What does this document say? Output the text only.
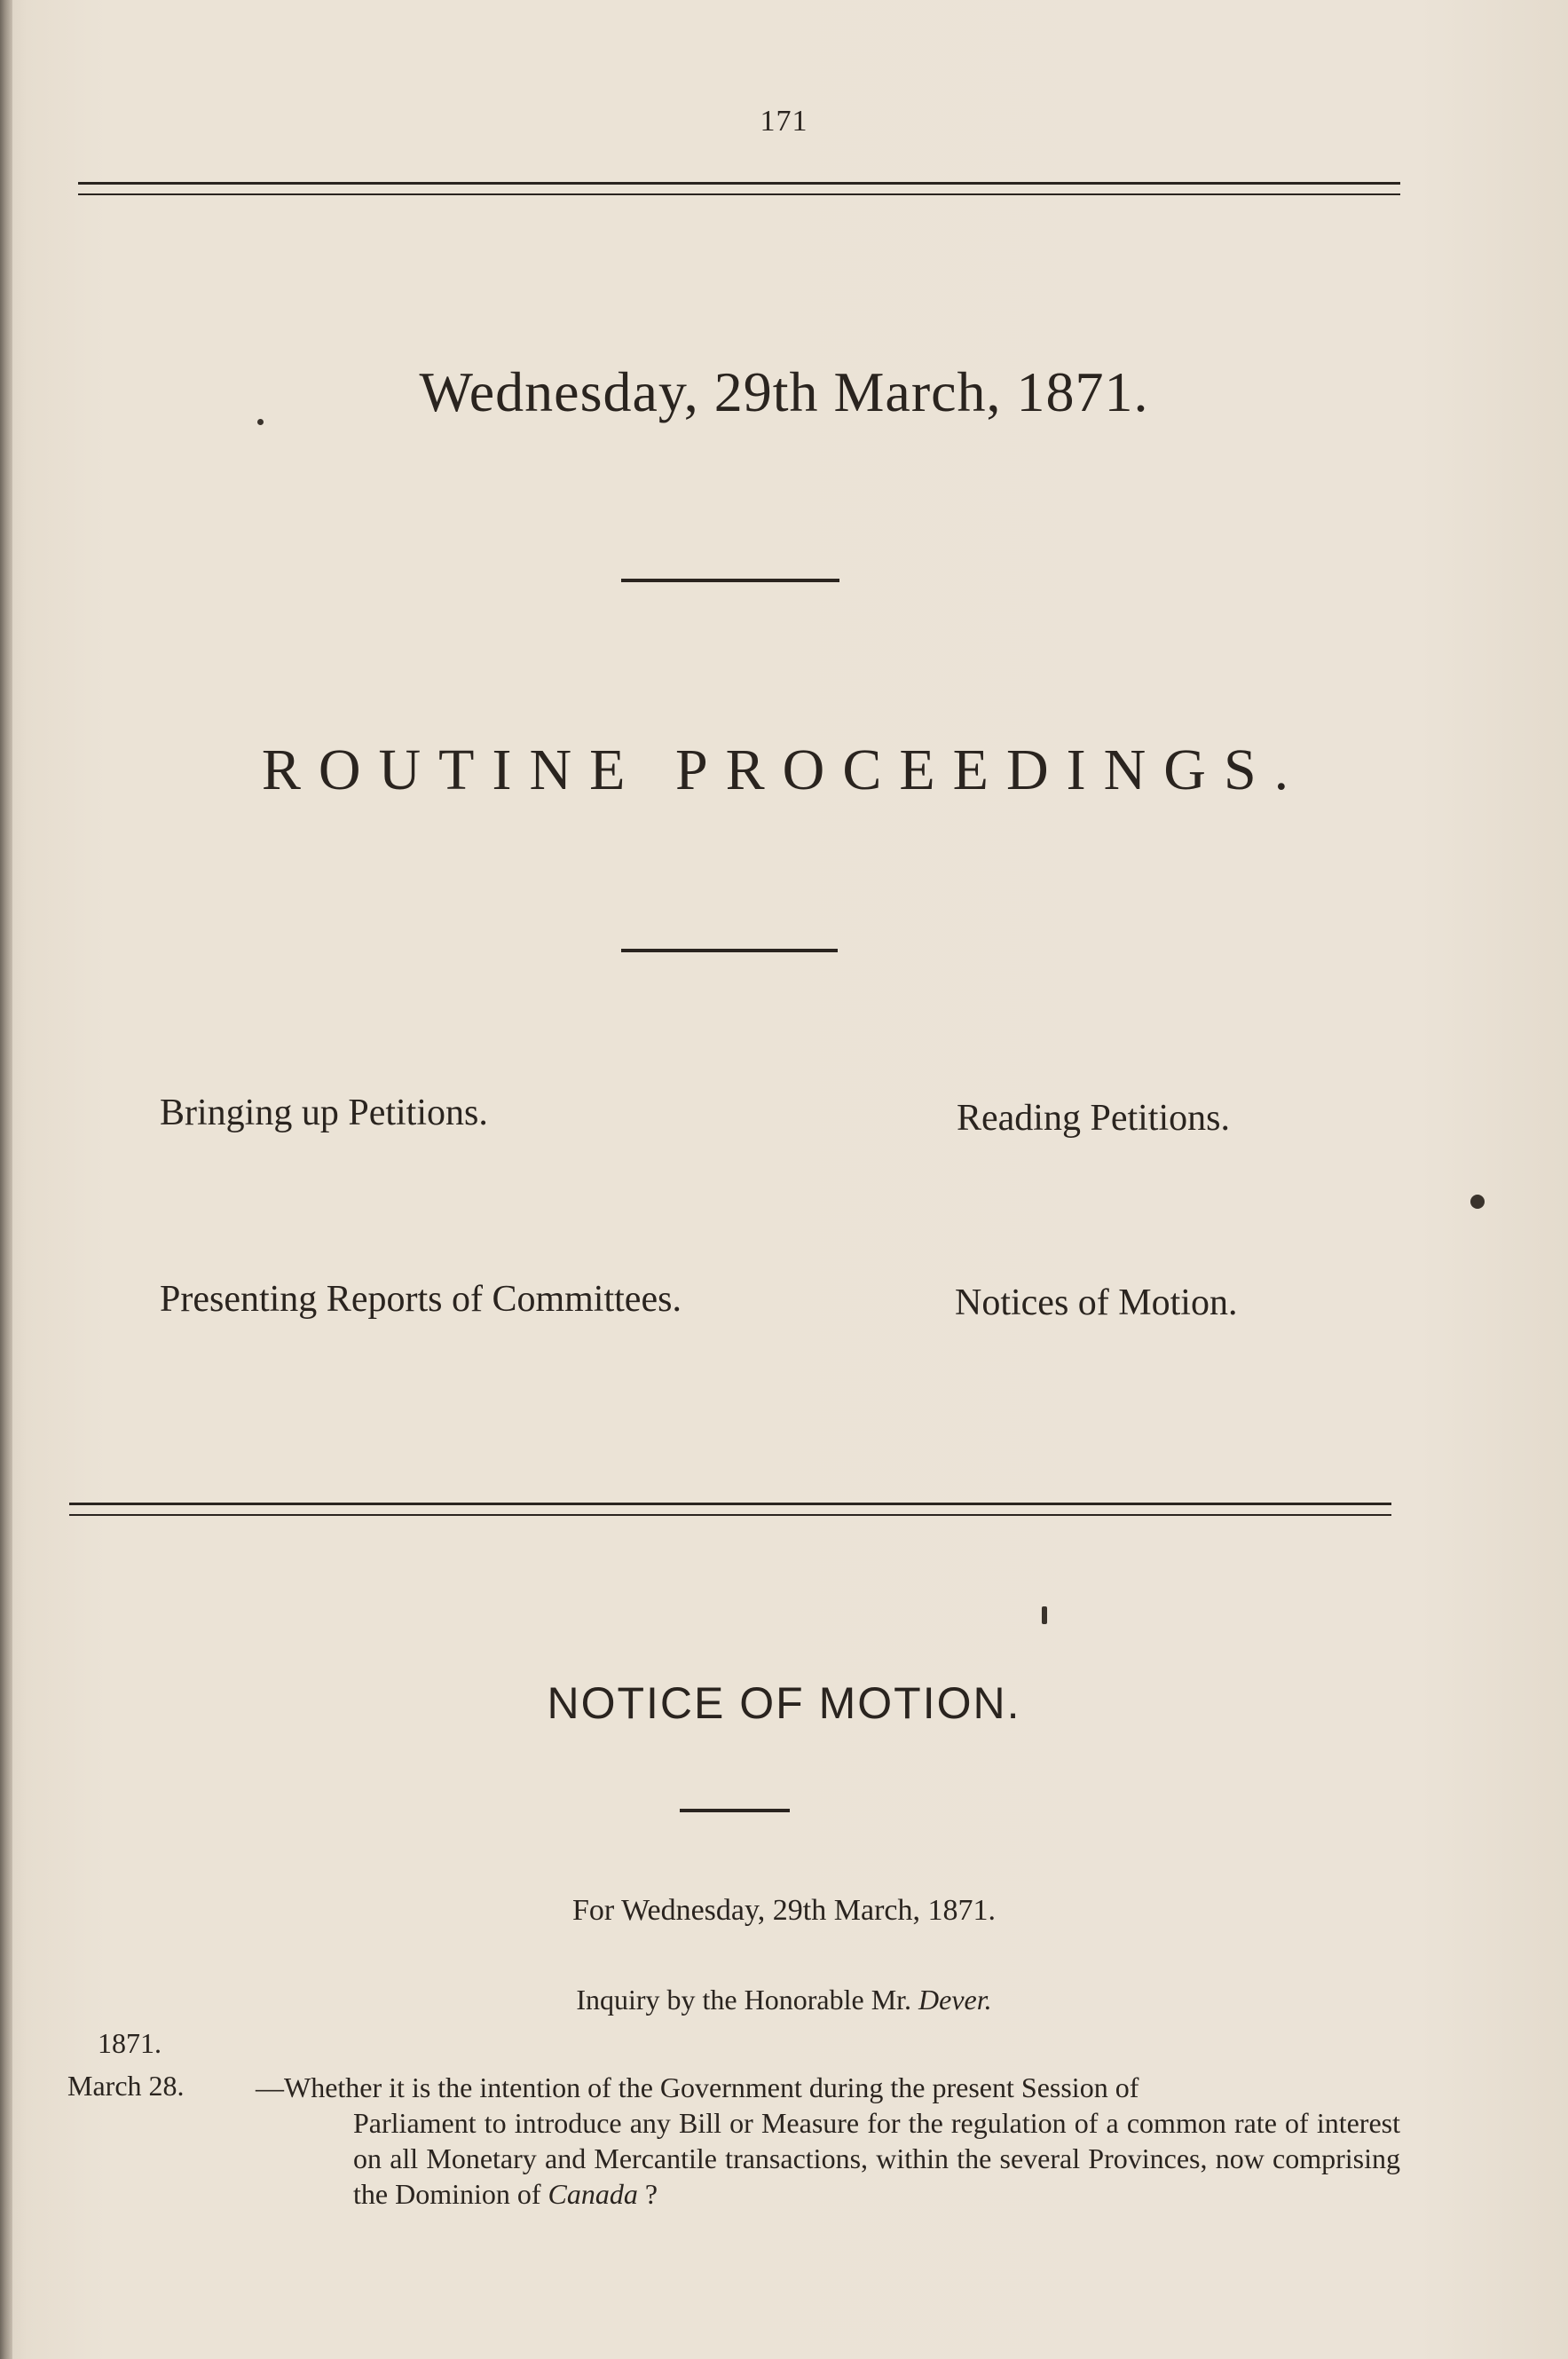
171
Wednesday, 29th March, 1871.
ROUTINE PROCEEDINGS.
Bringing up Petitions.	Reading Petitions.
Presenting Reports of Committees.	Notices of Motion.
NOTICE OF MOTION.
For Wednesday, 29th March, 1871.
Inquiry by the Honorable Mr. Dever.
1871.
March 28.	—Whether it is the intention of the Government during the present Session of
Parliament to introduce any Bill or Measure for the regulation of a common rate of interest on all Monetary and Mercantile transactions, within the several Provinces, now comprising the Dominion of Canada ?
